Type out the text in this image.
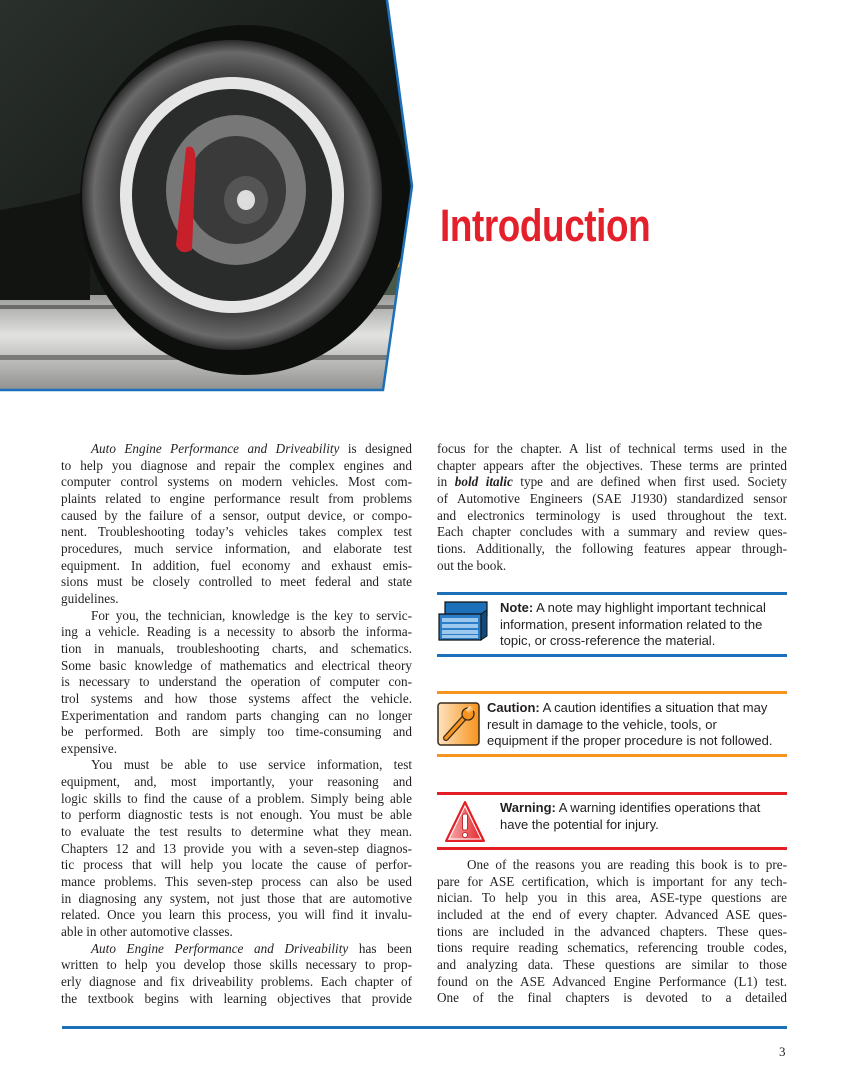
Introduction
Auto Engine Performance and Driveability is designed
to help you diagnose and repair the complex engines and
computer control systems on modern vehicles. Most com-
plaints related to engine performance result from problems
caused by the failure of a sensor, output device, or compo-
nent. Troubleshooting today’s vehicles takes complex test
procedures, much service information, and elaborate test
equipment. In addition, fuel economy and exhaust emis-
sions must be closely controlled to meet federal and state
guidelines.
For you, the technician, knowledge is the key to servic-
ing a vehicle. Reading is a necessity to absorb the informa-
tion in manuals, troubleshooting charts, and schematics.
Some basic knowledge of mathematics and electrical theory
is necessary to understand the operation of computer con-
trol systems and how those systems affect the vehicle.
Experimentation and random parts changing can no longer
be performed. Both are simply too time-consuming and
expensive.
You must be able to use service information, test
equipment, and, most importantly, your reasoning and
logic skills to find the cause of a problem. Simply being able
to perform diagnostic tests is not enough. You must be able
to evaluate the test results to determine what they mean.
Chapters 12 and 13 provide you with a seven-step diagnos-
tic process that will help you locate the cause of perfor-
mance problems. This seven-step process can also be used
in diagnosing any system, not just those that are automotive
related. Once you learn this process, you will find it invalu-
able in other automotive classes.
Auto Engine Performance and Driveability has been
written to help you develop those skills necessary to prop-
erly diagnose and fix driveability problems. Each chapter of
the textbook begins with learning objectives that provide
focus for the chapter. A list of technical terms used in the
chapter appears after the objectives. These terms are printed
in bold italic type and are defined when first used. Society
of Automotive Engineers (SAE J1930) standardized sensor
and electronics terminology is used throughout the text.
Each chapter concludes with a summary and review ques-
tions. Additionally, the following features appear through-
out the book.
One of the reasons you are reading this book is to pre-
pare for ASE certification, which is important for any tech-
nician. To help you in this area, ASE-type questions are
included at the end of every chapter. Advanced ASE ques-
tions are included in the advanced chapters. These ques-
tions require reading schematics, referencing trouble codes,
and analyzing data. These questions are similar to those
found on the ASE Advanced Engine Performance (L1) test.
One of the final chapters is devoted to a detailed
Note: A note may highlight important technical
information, present information related to the
topic, or cross-reference the material.
Caution: A caution identifies a situation that may
result in damage to the vehicle, tools, or
equipment if the proper procedure is not followed.
Warning: A warning identifies operations that
have the potential for injury.
3
